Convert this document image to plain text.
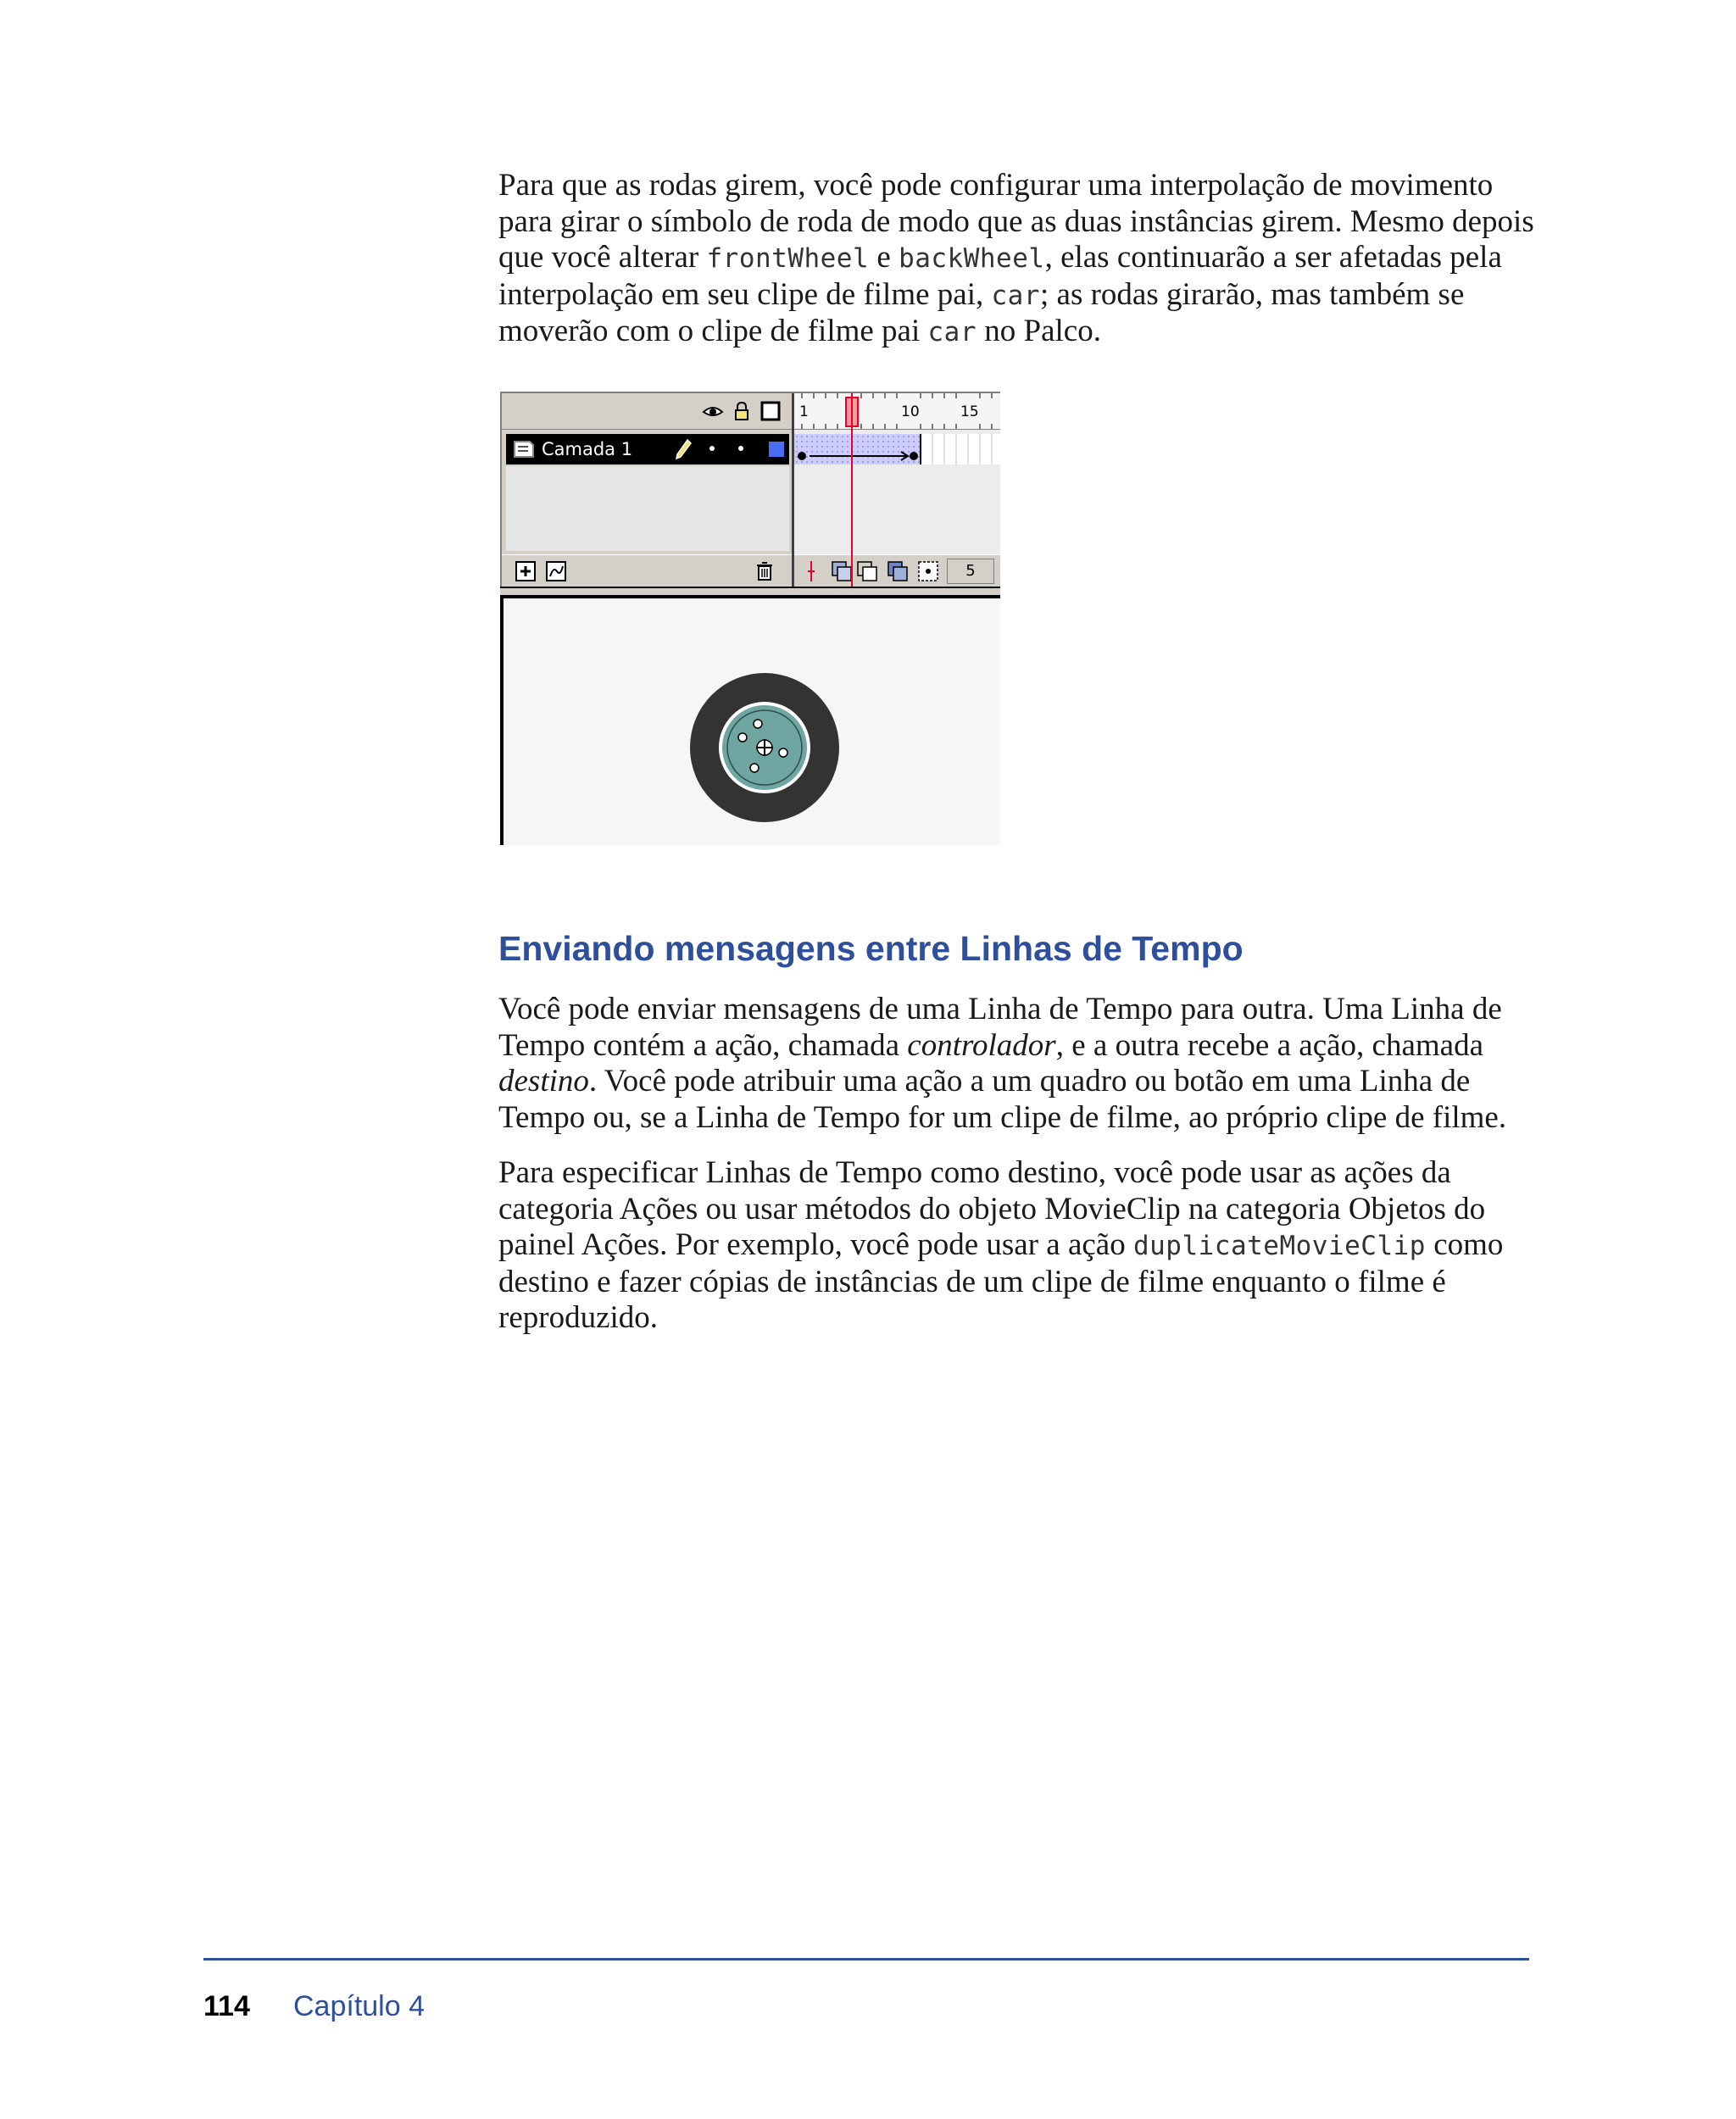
Para que as rodas girem, você pode configurar uma interpolação de movimento para girar o símbolo de roda de modo que as duas instâncias girem. Mesmo depois que você alterar frontWheel e backWheel, elas continuarão a ser afetadas pela interpolação em seu clipe de filme pai, car; as rodas girarão, mas também se moverão com o clipe de filme pai car no Palco.

Camada 1
1	10	15
5
Enviando mensagens entre Linhas de Tempo

Você pode enviar mensagens de uma Linha de Tempo para outra. Uma Linha de Tempo contém a ação, chamada controlador, e a outra recebe a ação, chamada destino. Você pode atribuir uma ação a um quadro ou botão em uma Linha de Tempo ou, se a Linha de Tempo for um clipe de filme, ao próprio clipe de filme.

Para especificar Linhas de Tempo como destino, você pode usar as ações da categoria Ações ou usar métodos do objeto MovieClip na categoria Objetos do painel Ações. Por exemplo, você pode usar a ação duplicateMovieClip como destino e fazer cópias de instâncias de um clipe de filme enquanto o filme é reproduzido.

114 Capítulo 4
